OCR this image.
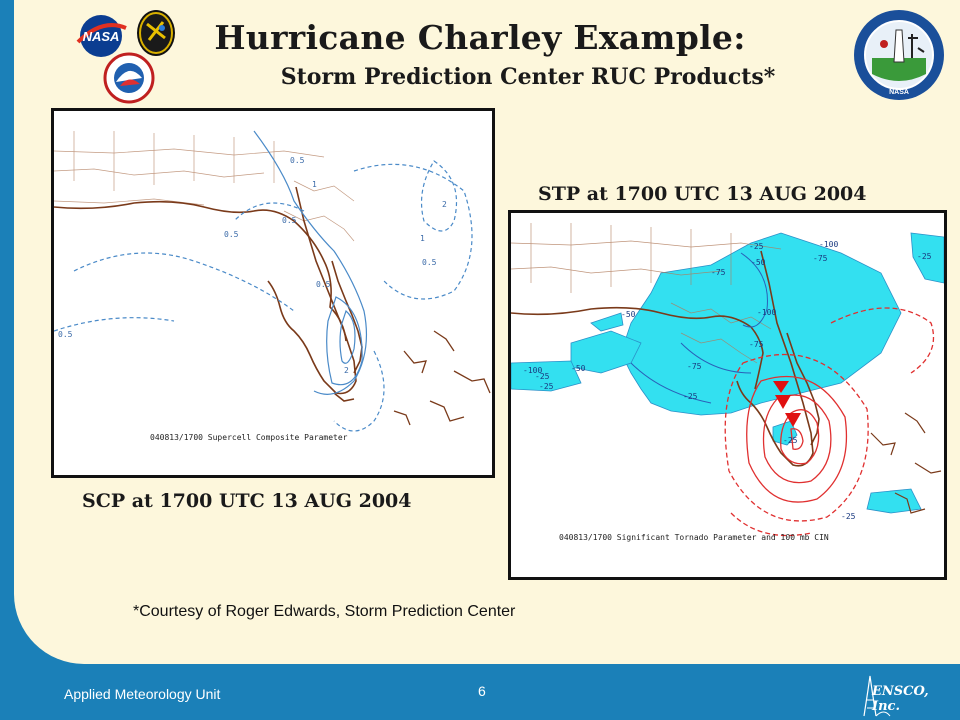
NASA
NASA
Hurricane Charley Example:
Storm Prediction Center RUC Products*
0.5
1
0.5
0.5
2
1
0.5
0.5
2
0.5
040813/1700 Supercell Composite Parameter
SCP at 1700 UTC 13 AUG 2004
STP at 1700 UTC 13 AUG 2004
-25	-100
-75
-50
-75
-100
-75
-50
-75
-25
-25
-50
-25
-100
-25
-25
-25
040813/1700 Significant Tornado Parameter and 100 mb CIN
*Courtesy of Roger Edwards, Storm Prediction Center
Applied Meteorology Unit	6	ENSCO, Inc.
